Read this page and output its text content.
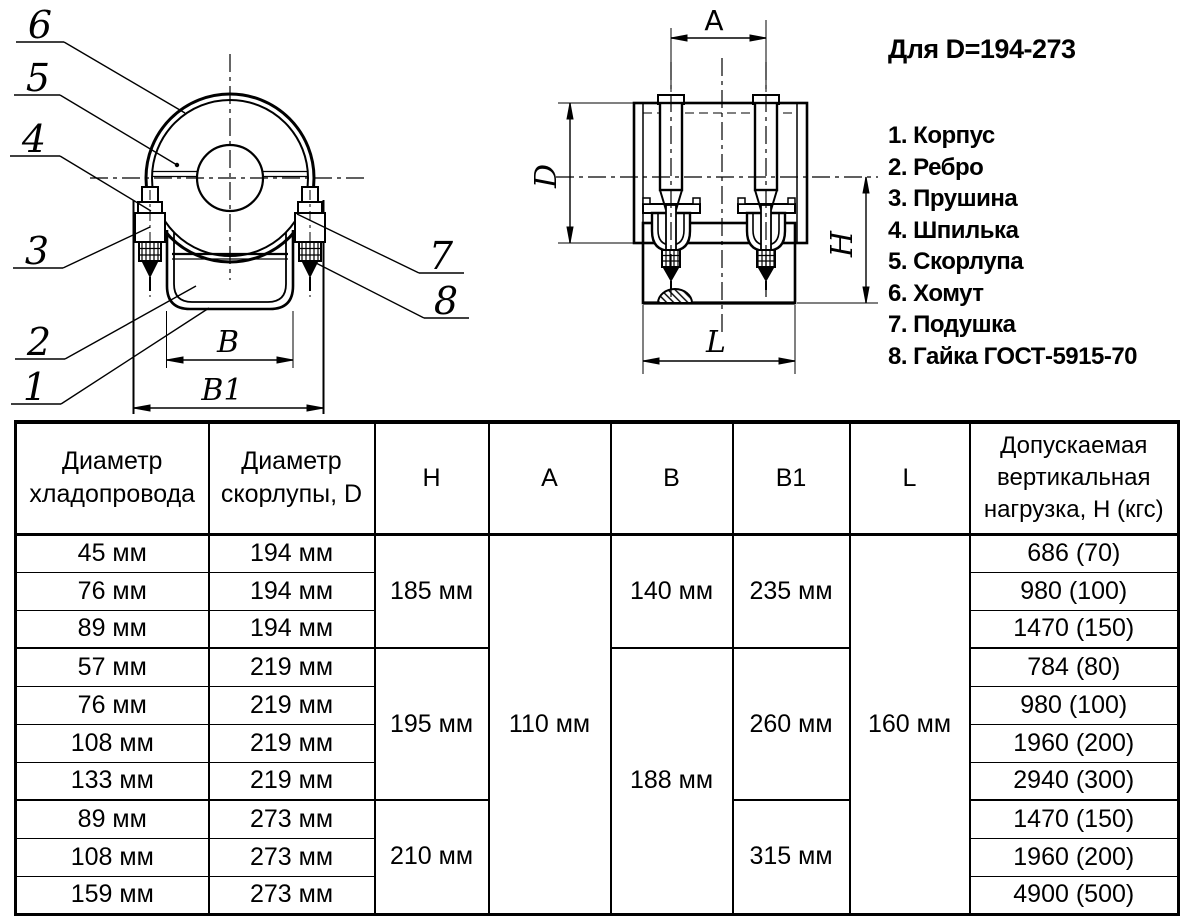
В
В1
6
5
4
3
2
1
7
8
A
D
H
L
Для D=194-273
1. Корпус
2. Ребро
3. Прушина
4. Шпилька
5. Скорлупа
6. Хомут
7. Подушка
8. Гайка ГОСТ-5915-70
Диаметр хладопровода	Диаметр скорлупы, D	H	A	B	B1	L	Допускаемая вертикальная нагрузка, Н (кгс)
45 мм	194 мм	185 мм	110 мм	140 мм	235 мм	160 мм	686 (70)
76 мм	194 мм						980 (100)
89 мм	194 мм						1470 (150)
57 мм	219 мм	195 мм		188 мм	260 мм		784 (80)
76 мм	219 мм						980 (100)
108 мм	219 мм						1960 (200)
133 мм	219 мм						2940 (300)
89 мм	273 мм	210 мм			315 мм		1470 (150)
108 мм	273 мм						1960 (200)
159 мм	273 мм						4900 (500)
